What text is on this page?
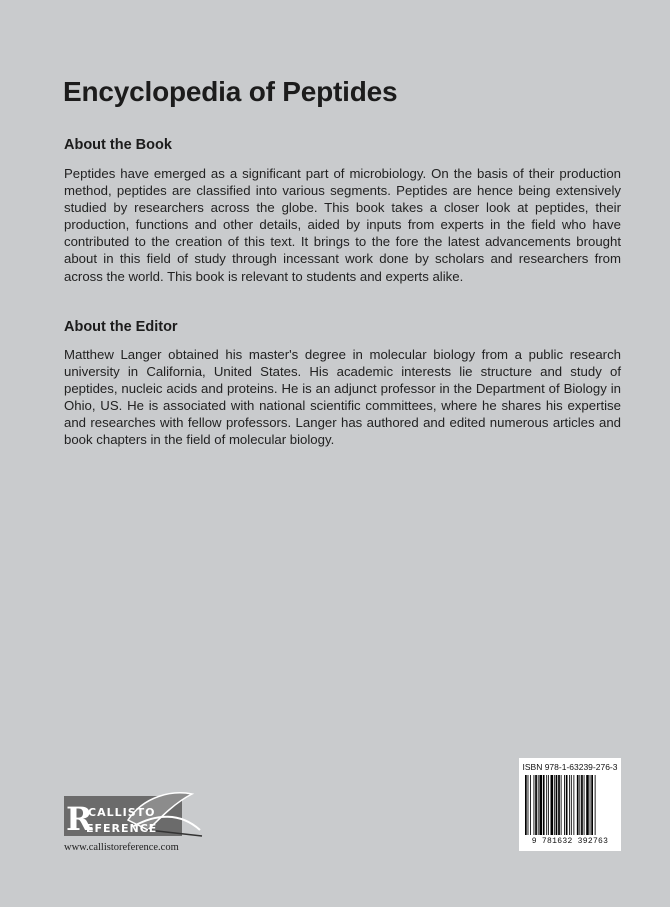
Encyclopedia of Peptides
About the Book

Peptides have emerged as a significant part of microbiology. On the basis of their production method, peptides are classified into various segments. Peptides are hence being extensively studied by researchers across the globe. This book takes a closer look at peptides, their production, functions and other details, aided by inputs from experts in the field who have contributed to the creation of this text. It brings to the fore the latest advancements brought about in this field of study through incessant work done by scholars and researchers from across the world. This book is relevant to students and experts alike.

About the Editor

Matthew Langer obtained his master's degree in molecular biology from a public research university in California, United States. His academic interests lie structure and study of peptides, nucleic acids and proteins. He is an adjunct professor in the Department of Biology in Ohio, US. He is associated with national scientific committees, where he shares his expertise and researches with fellow professors. Langer has authored and edited numerous articles and book chapters in the field of molecular biology.

R
CALLISTO
EFERENCE
www.callistoreference.com
ISBN 978-1-63239-276-3
9 781632 392763
